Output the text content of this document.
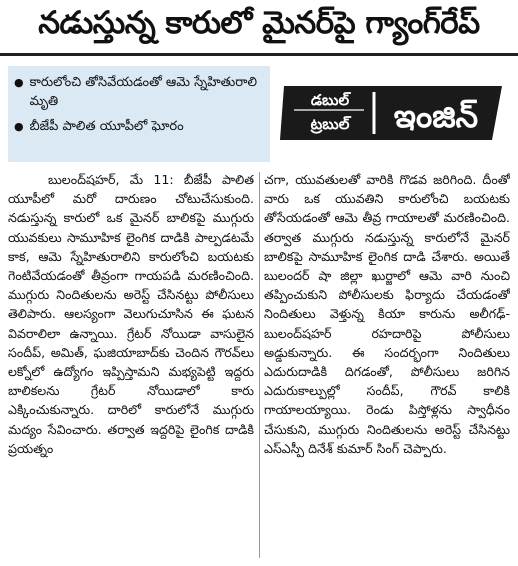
నడుస్తున్న కారులో మైనర్‌పై గ్యాంగ్‌రేప్
● కారులోంచి తోసివేయడంతో ఆమె స్నేహితురాలి మృతి
● బీజేపీ పాలిత యూపీలో ఘోరం
డబుల్
ట్రబుల్ ఇంజిన్

బులంద్‌షహర్, మే 11: బీజేపీ పాలిత యూపీలో మరో దారుణం చోటుచేసుకుంది. నడుస్తున్న కారులో ఒక మైనర్ బాలికపై ముగ్గురు యువకులు సామూహిక లైంగిక దాడికి పాల్పడటమే కాక, ఆమె స్నేహితురాలిని కారులోంచి బయటకు గెంటివేయడంతో తీవ్రంగా గాయపడి మరణించింది. ముగ్గురు నిందితులను అరెస్ట్ చేసినట్టు పోలీసులు తెలిపారు. ఆలస్యంగా వెలుగుచూసిన ఈ ఘటన వివరాలిలా ఉన్నాయి. గ్రేటర్ నోయిడా వాసులైన సందీప్, అమిత్, ఘజియాబాద్‌కు చెందిన గౌరవ్‌లు లక్నోలో ఉద్యోగం ఇప్పిస్తామని మభ్యపెట్టి ఇద్దరు బాలికలను గ్రేటర్ నోయిడాలో కారు ఎక్కించుకున్నారు. దారిలో కారులోనే ముగ్గురు మద్యం సేవించారు. తర్వాత ఇద్దరిపై లైంగిక దాడికి ప్రయత్నం

చగా, యువతులతో వారికి గొడవ జరిగింది. దీంతో వారు ఒక యువతిని కారులోంచి బయటకు తోసేయడంతో ఆమె తీవ్ర గాయాలతో మరణించింది. తర్వాత ముగ్గురు నడుస్తున్న కారులోనే మైనర్ బాలికపై సామూహిక లైంగిక దాడి చేశారు. అయితే బులందర్ షా జిల్లా ఖుర్జాలో ఆమె వారి నుంచి తప్పించుకుని పోలీసులకు ఫిర్యాదు చేయడంతో నిందితులు వెళ్తున్న కియా కారును అలీగఢ్-బులంద్‌షహర్ రహదారిపై పోలీసులు అడ్డుకున్నారు. ఈ సందర్భంగా నిందితులు ఎదురుదాడికి దిగడంతో, పోలీసులు జరిగిన ఎదురుకాల్పుల్లో సందీప్, గౌరవ్ కాలికి గాయాలయ్యాయి. రెండు పిస్తోళ్లను స్వాధీనం చేసుకుని, ముగ్గురు నిందితులను అరెస్ట్ చేసినట్టు ఎస్ఎస్పీ దినేశ్ కుమార్ సింగ్ చెప్పారు.
